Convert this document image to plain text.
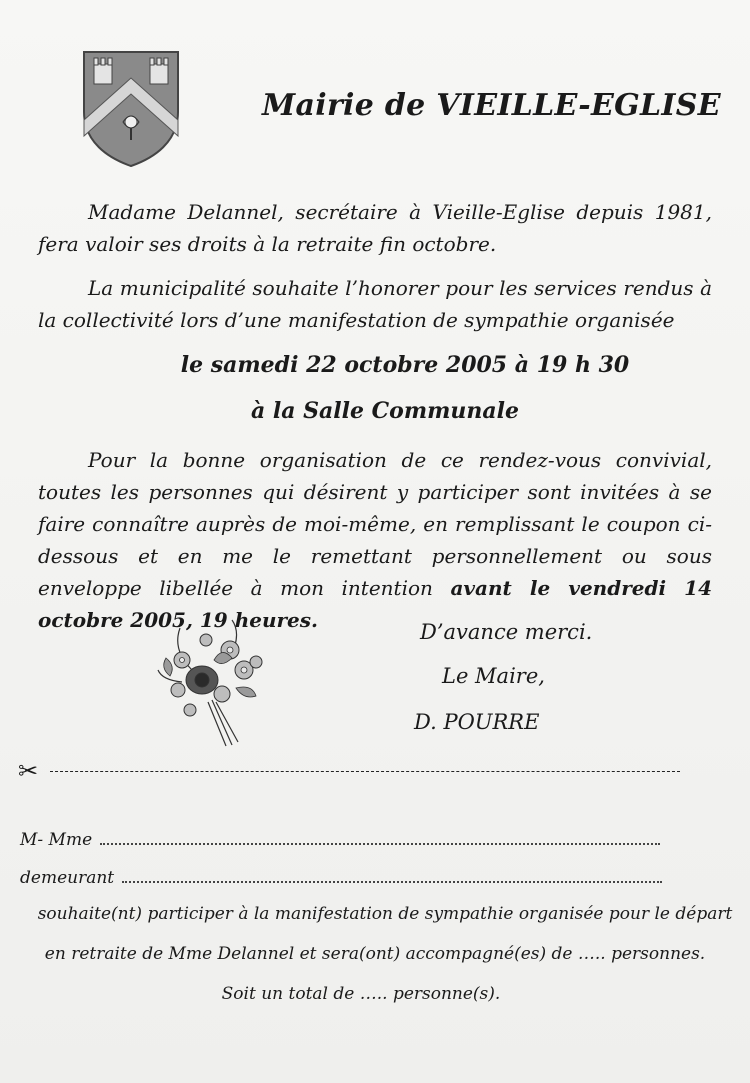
Mairie de VIEILLE-EGLISE
Madame Delannel, secrétaire à Vieille-Eglise depuis 1981, fera valoir ses droits à la retraite fin octobre.
La municipalité souhaite l’honorer pour les services rendus à la collectivité lors d’une manifestation de sympathie organisée
le samedi 22 octobre 2005 à 19 h 30
à la Salle Communale
Pour la bonne organisation de ce rendez-vous convivial, toutes les personnes qui désirent y participer sont invitées à se faire connaître auprès de moi-même, en remplissant le coupon ci-dessous et en me le remettant personnellement ou sous enveloppe libellée à mon intention avant le vendredi 14 octobre 2005, 19 heures.	D’avance merci.
Le Maire,
D. POURRE
✂
M- Mme
demeurant
souhaite(nt) participer à la manifestation de sympathie organisée pour le départ
en retraite de Mme Delannel et sera(ont) accompagné(es) de ….. personnes.
Soit un total de ….. personne(s).
